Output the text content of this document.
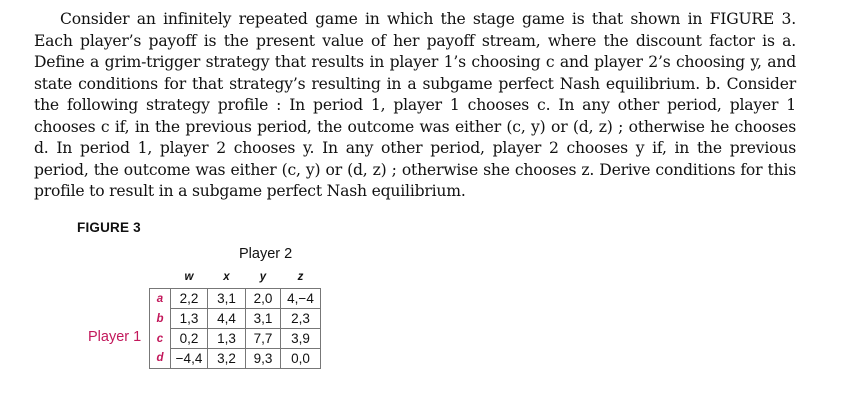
Consider an infinitely repeated game in which the stage game is that shown in FIGURE 3. Each player’s payoff is the present value of her payoff stream, where the discount factor is a. Define a grim-trigger strategy that results in player 1’s choosing c and player 2’s choosing y, and state conditions for that strategy’s resulting in a subgame perfect Nash equilibrium. b. Consider the following strategy profile : In period 1, player 1 chooses c. In any other period, player 1 chooses c if, in the previous period, the outcome was either (c, y) or (d, z) ; otherwise he chooses d. In period 1, player 2 chooses y. In any other period, player 2 chooses y if, in the previous period, the outcome was either (c, y) or (d, z) ; otherwise she chooses z. Derive conditions for this profile to result in a subgame perfect Nash equilibrium.

FIGURE 3
Player 2
Player 1
	w	x	y	z
a	2,2	3,1	2,0	4,−4
b	1,3	4,4	3,1	2,3
c	0,2	1,3	7,7	3,9
d	−4,4	3,2	9,3	0,0
